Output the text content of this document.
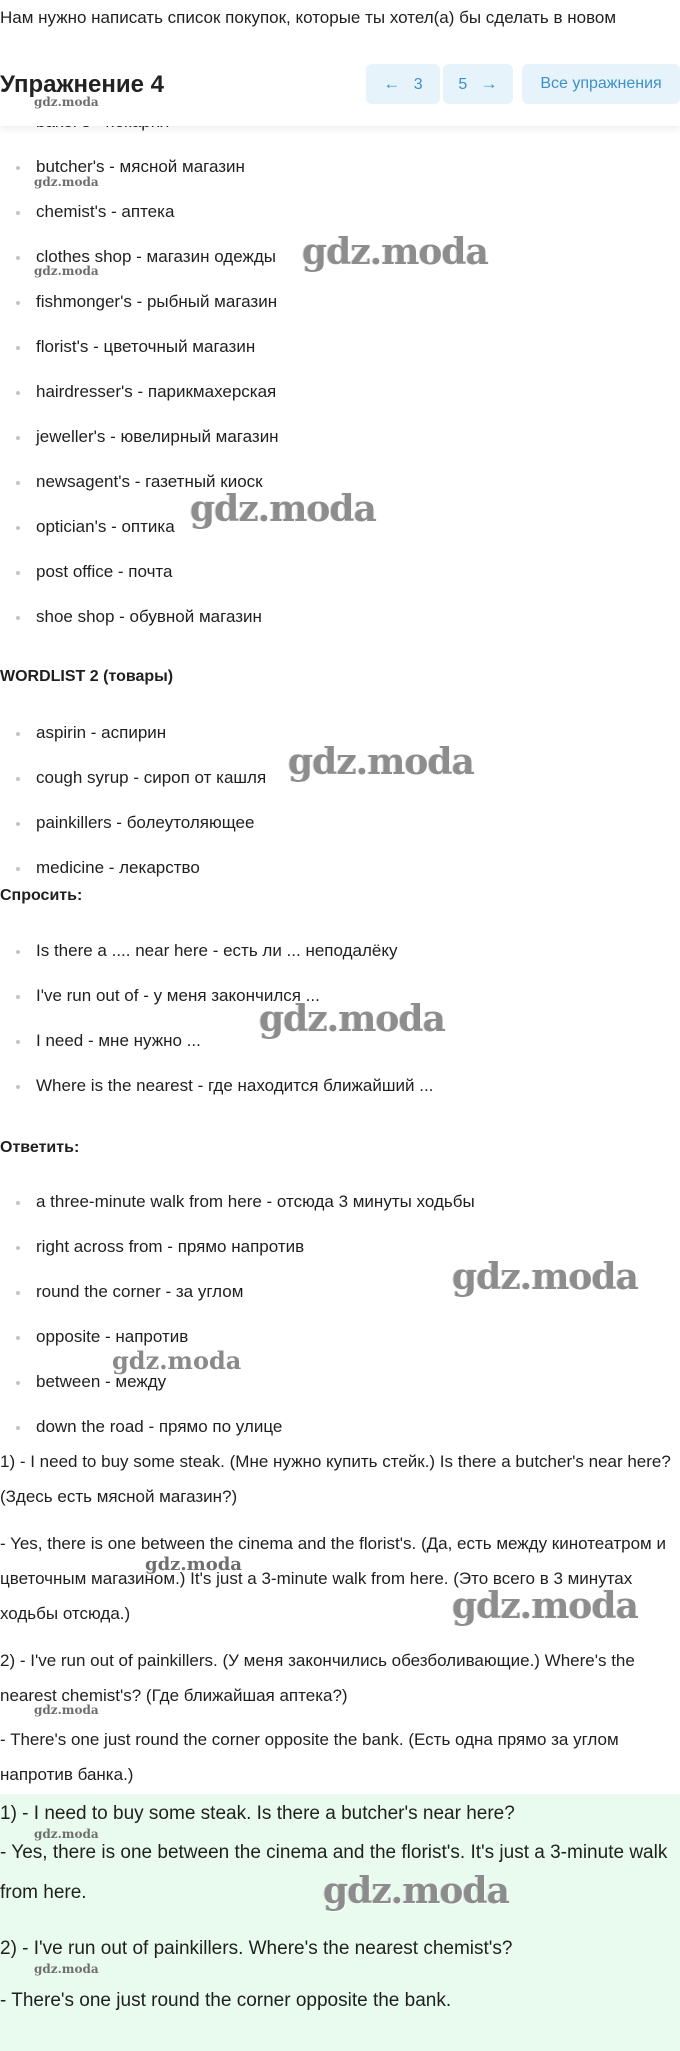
Нам нужно написать список покупок, которые ты хотел(а) бы сделать в новом
Упражнение 4	← 3	5 →	Все упражнения
gdz.moda
butcher's - мясной магазин
chemist's - аптека
clothes shop - магазин одежды
fishmonger's - рыбный магазин
florist's - цветочный магазин
hairdresser's - парикмахерская
jeweller's - ювелирный магазин
newsagent's - газетный киоск
optician's - оптика
post office - почта
shoe shop - обувной магазин
WORDLIST 2 (товары)
aspirin - аспирин
cough syrup - сироп от кашля
painkillers - болеутоляющее
medicine - лекарство
Спросить:
Is there a .... near here - есть ли ... неподалёку
I've run out of - у меня закончился ...
I need - мне нужно ...
Where is the nearest - где находится ближайший ...
Ответить:
a three-minute walk from here - отсюда 3 минуты ходьбы
right across from - прямо напротив
round the corner - за углом
opposite - напротив
between - между
down the road - прямо по улице
1) - I need to buy some steak. (Мне нужно купить стейк.) Is there a butcher's near here? (Здесь есть мясной магазин?)
- Yes, there is one between the cinema and the florist's. (Да, есть между кинотеатром и цветочным магазином.) It's just a 3-minute walk from here. (Это всего в 3 минутах ходьбы отсюда.)
2) - I've run out of painkillers. (У меня закончились обезболивающие.) Where's the nearest chemist's? (Где ближайшая аптека?)
- There's one just round the corner opposite the bank. (Есть одна прямо за углом напротив банка.)
1) - I need to buy some steak. Is there a butcher's near here?
- Yes, there is one between the cinema and the florist's. It's just a 3-minute walk from here.
2) - I've run out of painkillers. Where's the nearest chemist's?
- There's one just round the corner opposite the bank.
gdz.moda
gdz.moda
gdz.moda
gdz.moda
gdz.moda
gdz.moda
gdz.moda
gdz.moda
gdz.moda
gdz.moda
gdz.moda
gdz.moda
gdz.moda
gdz.moda
